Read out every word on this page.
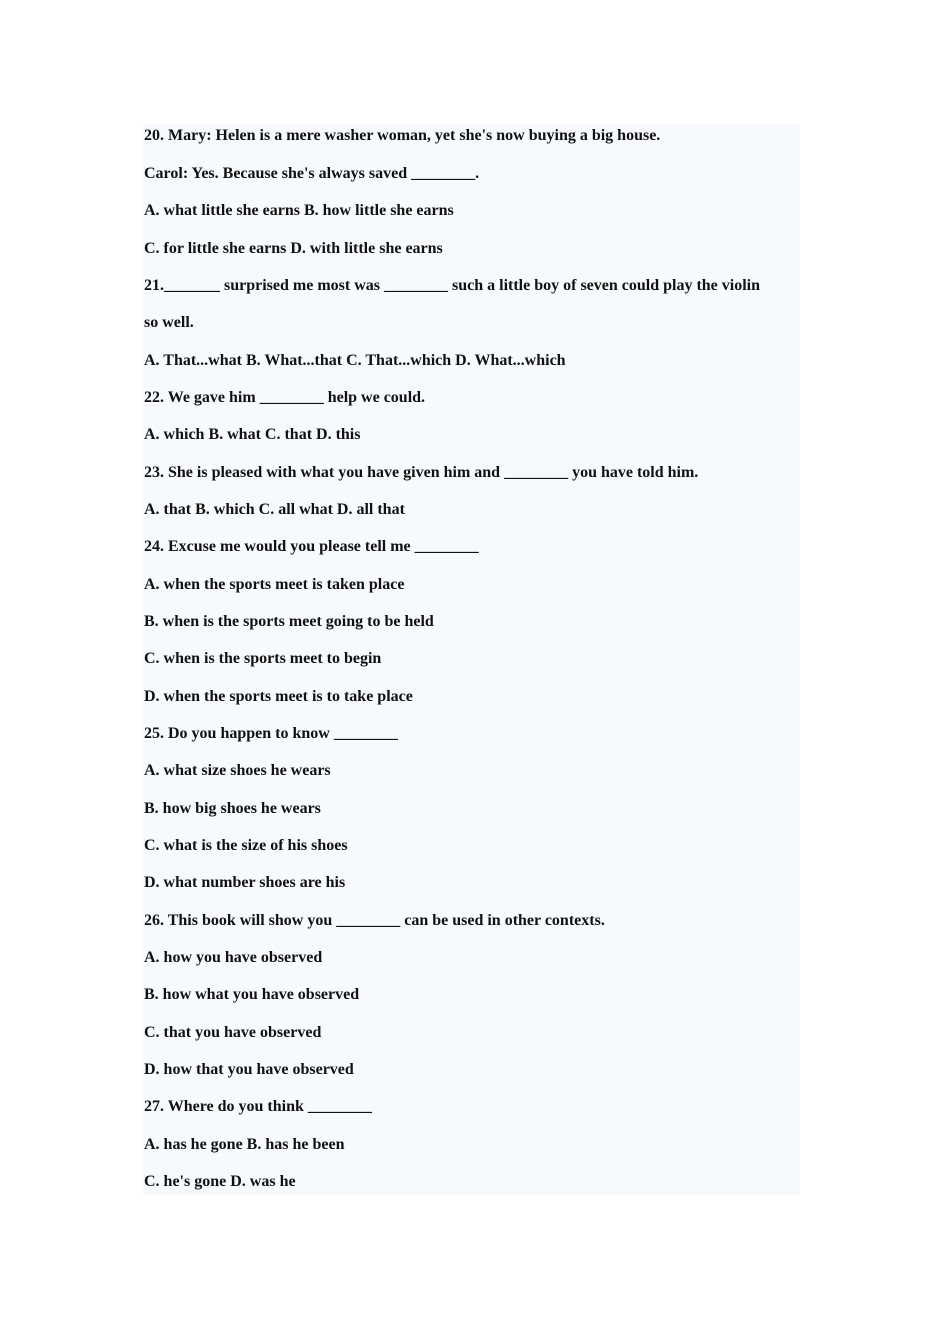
20. Mary: Helen is a mere washer woman, yet she's now buying a big house.
Carol: Yes. Because she's always saved ________.
A. what little she earns B. how little she earns
C. for little she earns D. with little she earns
21._______ surprised me most was ________ such a little boy of seven could play the violin
so well.
A. That...what B. What...that C. That...which D. What...which
22. We gave him ________ help we could.
A. which B. what C. that D. this
23. She is pleased with what you have given him and ________ you have told him.
A. that B. which C. all what D. all that
24. Excuse me would you please tell me ________
A. when the sports meet is taken place
B. when is the sports meet going to be held
C. when is the sports meet to begin
D. when the sports meet is to take place
25. Do you happen to know ________
A. what size shoes he wears
B. how big shoes he wears
C. what is the size of his shoes
D. what number shoes are his
26. This book will show you ________ can be used in other contexts.
A. how you have observed
B. how what you have observed
C. that you have observed
D. how that you have observed
27. Where do you think ________
A. has he gone B. has he been
C. he's gone D. was he
